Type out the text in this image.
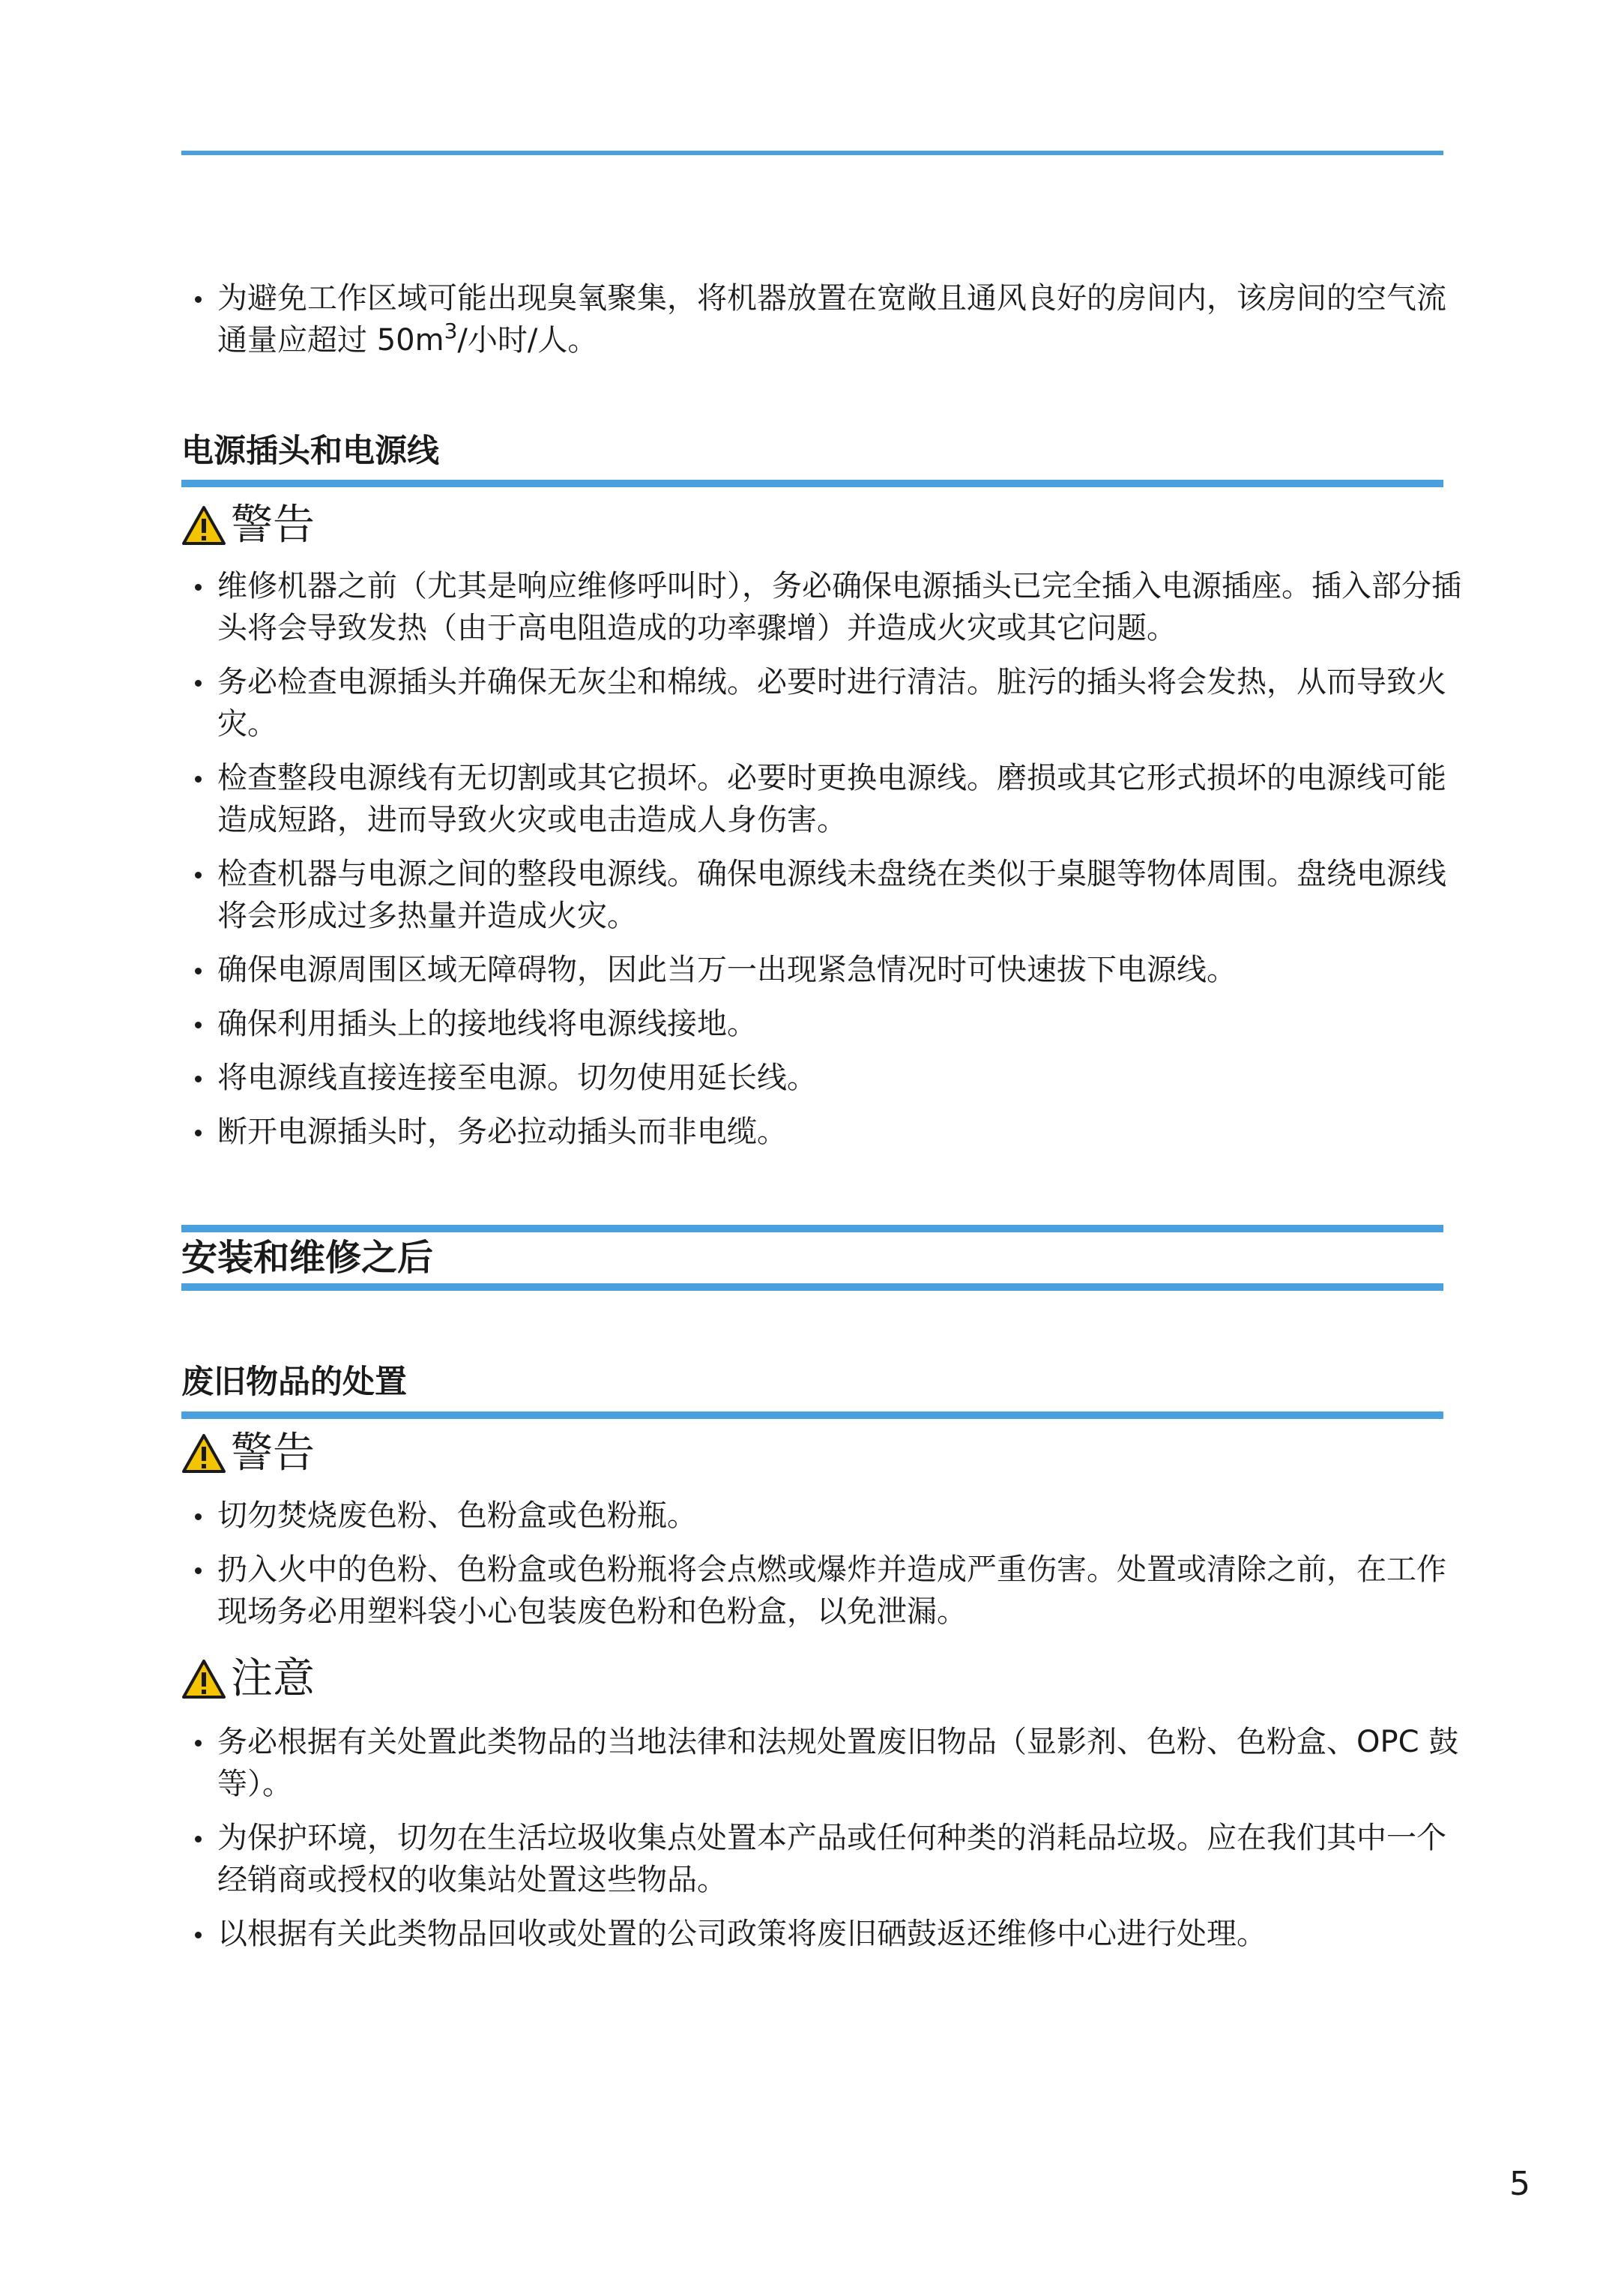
为避免工作区域可能出现臭氧聚集，将机器放置在宽敞且通风良好的房间内，该房间的空气流通量应超过 $50m^3/$小时/人。
电源插头和电源线
警告
维修机器之前（尤其是响应维修呼叫时），务必确保电源插头已完全插入电源插座。插入部分插头将会导致发热（由于高电阻造成的功率骤增）并造成火灾或其它问题。
务必检查电源插头并确保无灰尘和棉绒。必要时进行清洁。脏污的插头将会发热，从而导致火灾。
检查整段电源线有无切割或其它损坏。必要时更换电源线。磨损或其它形式损坏的电源线可能造成短路，进而导致火灾或电击造成人身伤害。
检查机器与电源之间的整段电源线。确保电源线未盘绕在类似于桌腿等物体周围。盘绕电源线将会形成过多热量并造成火灾。
确保电源周围区域无障碍物，因此当万一出现紧急情况时可快速拔下电源线。
确保利用插头上的接地线将电源线接地。
将电源线直接连接至电源。切勿使用延长线。
断开电源插头时，务必拉动插头而非电缆。
安装和维修之后
废旧物品的处置
警告
切勿焚烧废色粉、色粉盒或色粉瓶。
扔入火中的色粉、色粉盒或色粉瓶将会点燃或爆炸并造成严重伤害。处置或清除之前，在工作现场务必用塑料袋小心包装废色粉和色粉盒，以免泄漏。
注意
务必根据有关处置此类物品的当地法律和法规处置废旧物品（显影剂、色粉、色粉盒、OPC 鼓等）。
为保护环境，切勿在生活垃圾收集点处置本产品或任何种类的消耗品垃圾。应在我们其中一个经销商或授权的收集站处置这些物品。
以根据有关此类物品回收或处置的公司政策将废旧硒鼓返还维修中心进行处理。
5
